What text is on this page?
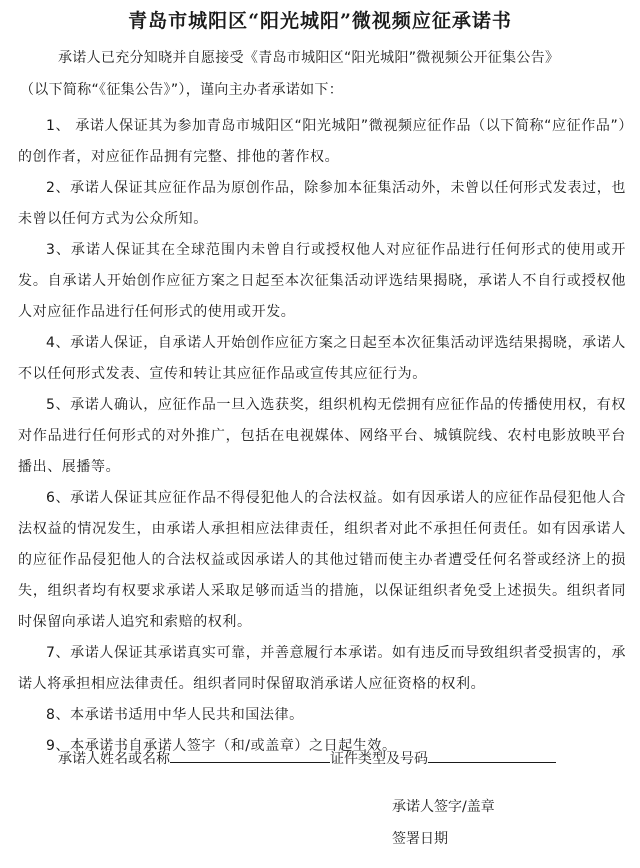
青岛市城阳区“阳光城阳”微视频应征承诺书
承诺人已充分知晓并自愿接受《青岛市城阳区“阳光城阳”微视频公开征集公告》
（以下简称“《征集公告》”），谨向主办者承诺如下：

1、 承诺人保证其为参加青岛市城阳区“阳光城阳”微视频应征作品（以下简称“应征作品”）的创作者，对应征作品拥有完整、排他的著作权。

2、承诺人保证其应征作品为原创作品，除参加本征集活动外，未曾以任何形式发表过，也未曾以任何方式为公众所知。

3、承诺人保证其在全球范围内未曾自行或授权他人对应征作品进行任何形式的使用或开发。自承诺人开始创作应征方案之日起至本次征集活动评选结果揭晓，承诺人不自行或授权他人对应征作品进行任何形式的使用或开发。

4、承诺人保证，自承诺人开始创作应征方案之日起至本次征集活动评选结果揭晓，承诺人不以任何形式发表、宣传和转让其应征作品或宣传其应征行为。

5、承诺人确认，应征作品一旦入选获奖，组织机构无偿拥有应征作品的传播使用权，有权对作品进行任何形式的对外推广，包括在电视媒体、网络平台、城镇院线、农村电影放映平台播出、展播等。

6、承诺人保证其应征作品不得侵犯他人的合法权益。如有因承诺人的应征作品侵犯他人合法权益的情况发生，由承诺人承担相应法律责任，组织者对此不承担任何责任。如有因承诺人的应征作品侵犯他人的合法权益或因承诺人的其他过错而使主办者遭受任何名誉或经济上的损失，组织者均有权要求承诺人采取足够而适当的措施，以保证组织者免受上述损失。组织者同时保留向承诺人追究和索赔的权利。

7、承诺人保证其承诺真实可靠，并善意履行本承诺。如有违反而导致组织者受损害的，承诺人将承担相应法律责任。组织者同时保留取消承诺人应征资格的权利。

8、本承诺书适用中华人民共和国法律。

9、本承诺书自承诺人签字（和/或盖章）之日起生效。

承诺人姓名或名称	证件类型及号码
承诺人签字/盖章
签署日期
